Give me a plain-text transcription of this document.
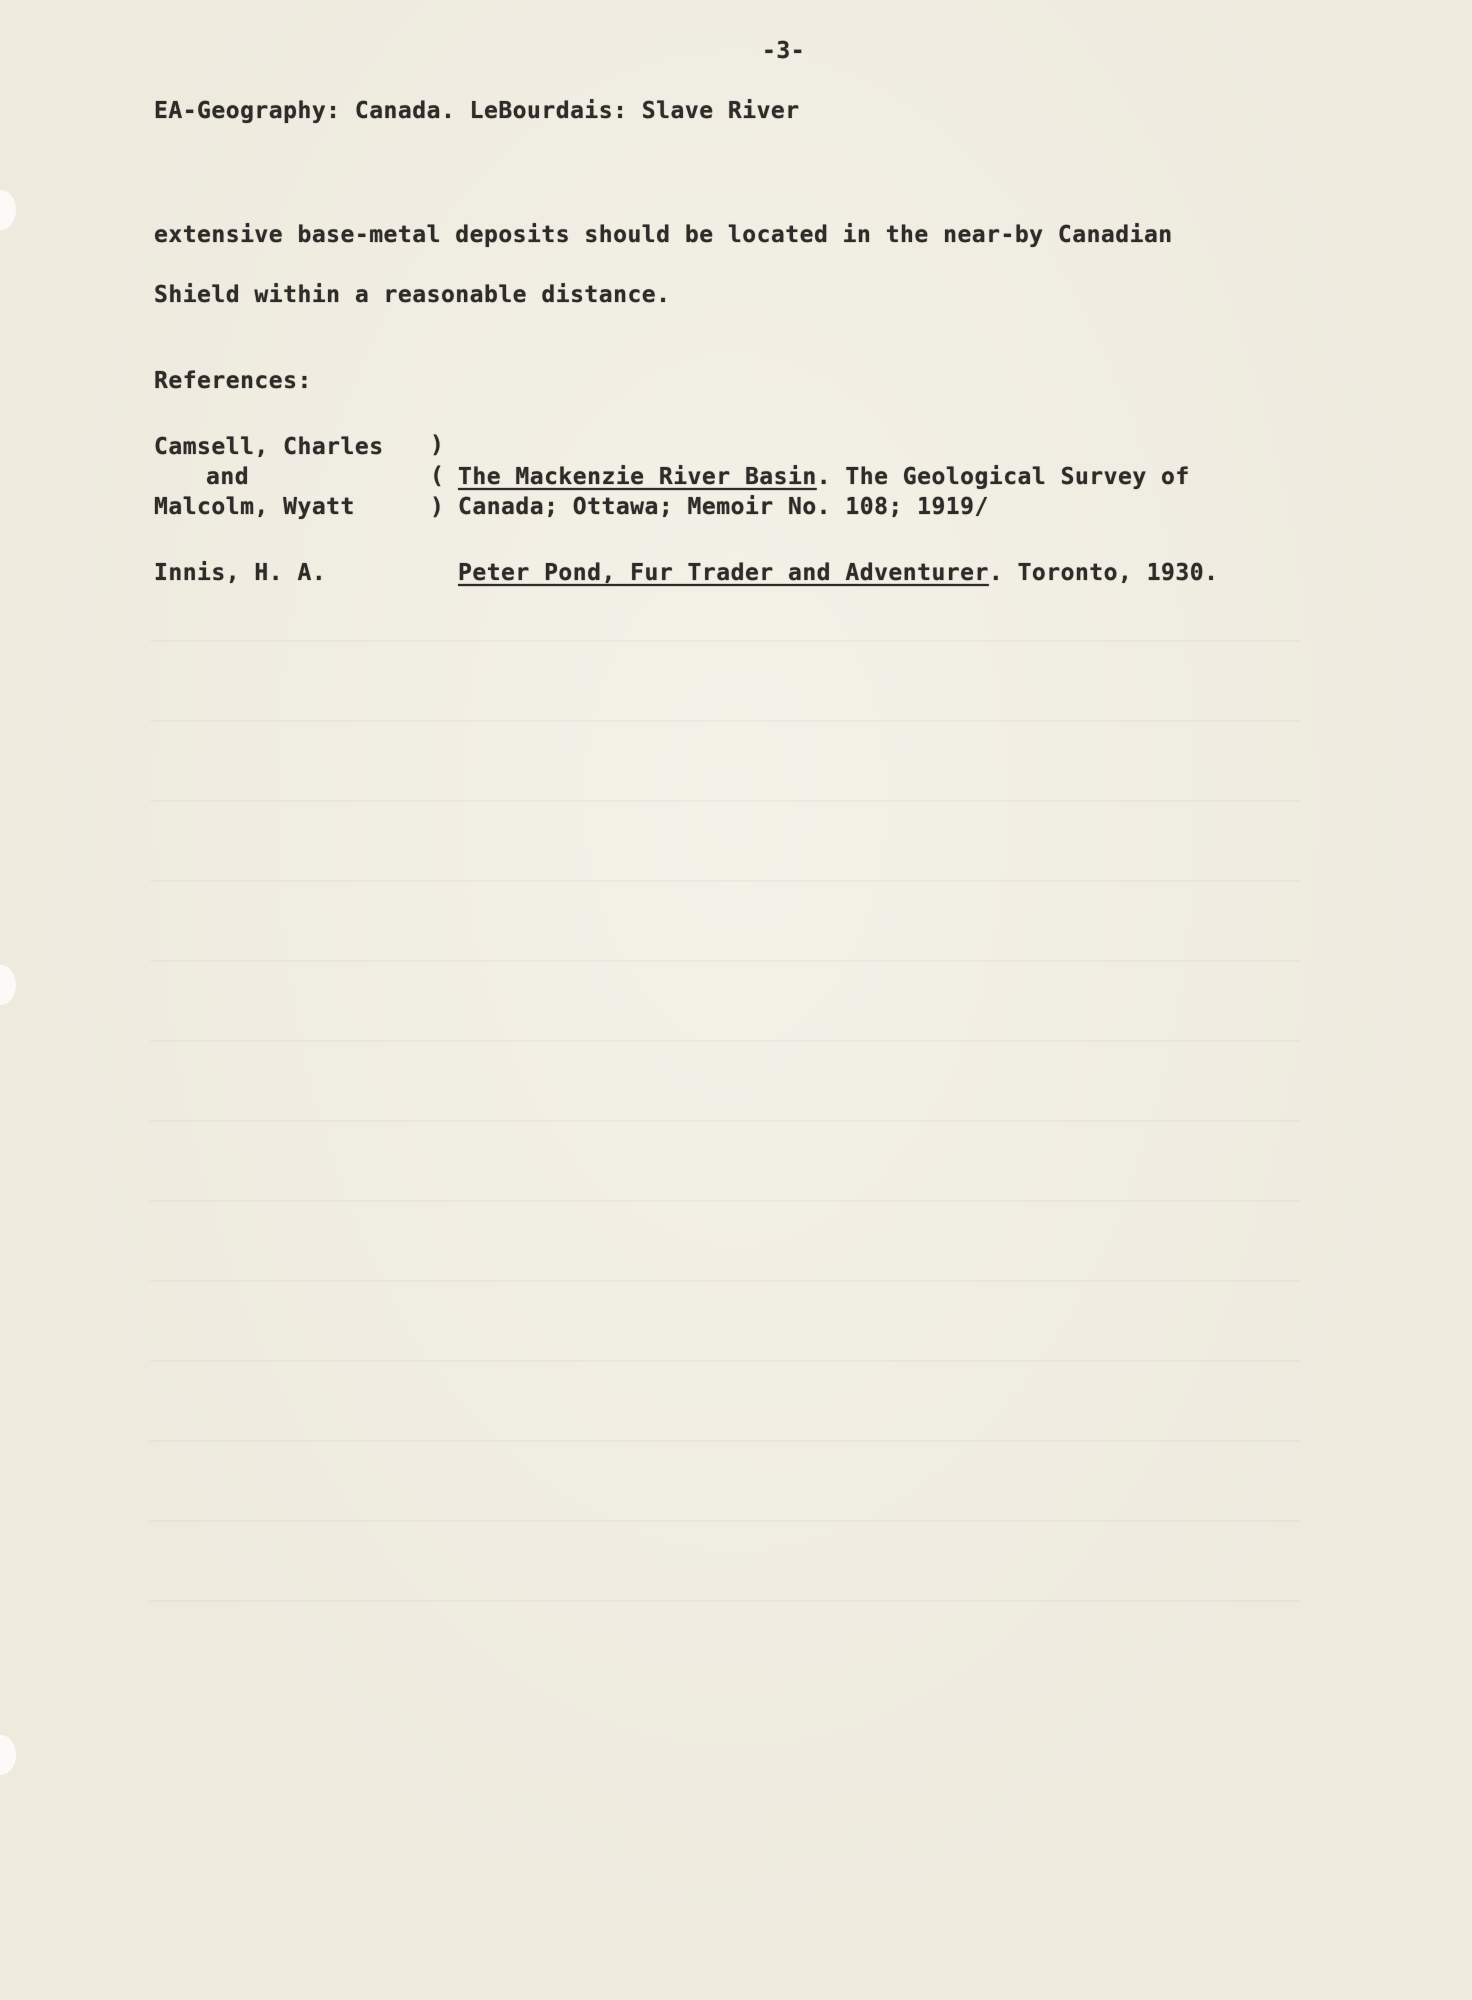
-3-
EA-Geography: Canada. LeBourdais: Slave River
extensive base-metal deposits should be located in the near-by Canadian
Shield within a reasonable distance.
References:
Camsell, Charles
and
Malcolm, Wyatt
)
(
)
The Mackenzie River Basin. The Geological Survey of
Canada; Ottawa; Memoir No. 108; 1919/
Innis, H. A.	Peter Pond, Fur Trader and Adventurer. Toronto, 1930.
